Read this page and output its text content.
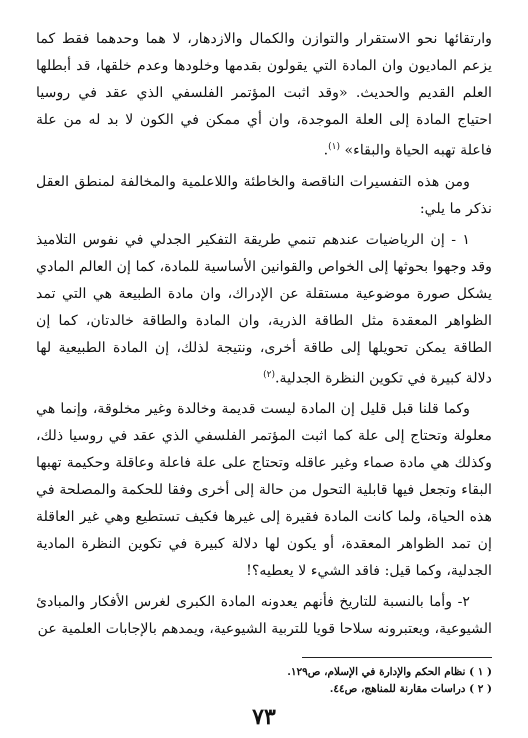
وارتقائها نحو الاستقرار والتوازن والكمال والازدهار، لا هما وحدهما فقط كما يزعم الماديون وان المادة التي يقولون بقدمها وخلودها وعدم خلقها، قد أبطلها العلم القديم والحديث. «وقد اثبت المؤتمر الفلسفي الذي عقد في روسيا احتياج المادة إلى العلة الموجدة، وان أي ممكن في الكون لا بد له من علة فاعلة تهبه الحياة والبقاء» $^{(١)}$.

ومن هذه التفسيرات الناقصة والخاطئة واللاعلمية والمخالفة لمنطق العقل نذكر ما يلي:

١ - إن الرياضيات عندهم تنمي طريقة التفكير الجدلي في نفوس التلاميذ وقد وجهوا بحوثها إلى الخواص والقوانين الأساسية للمادة، كما إن العالم المادي يشكل صورة موضوعية مستقلة عن الإدراك، وان مادة الطبيعة هي التي تمد الظواهر المعقدة مثل الطاقة الذرية، وان المادة والطاقة خالدتان، كما إن الطاقة يمكن تحويلها إلى طاقة أخرى، ونتيجة لذلك، إن المادة الطبيعية لها دلالة كبيرة في تكوين النظرة الجدلية.$^{(٢)}$

وكما قلنا قبل قليل إن المادة ليست قديمة وخالدة وغير مخلوقة، وإنما هي معلولة وتحتاج إلى علة كما اثبت المؤتمر الفلسفي الذي عقد في روسيا ذلك، وكذلك هي مادة صماء وغير عاقله وتحتاج على علة فاعلة وعاقلة وحكيمة تهبها البقاء وتجعل فيها قابلية التحول من حالة إلى أخرى وفقا للحكمة والمصلحة في هذه الحياة، ولما كانت المادة فقيرة إلى غيرها فكيف تستطيع وهي غير العاقلة إن تمد الظواهر المعقدة، أو يكون لها دلالة كبيرة في تكوين النظرة المادية الجدلية، وكما قيل: فاقد الشيء لا يعطيه؟!

٢- وأما بالنسبة للتاريخ فأنهم يعدونه المادة الكبرى لغرس الأفكار والمبادئ الشيوعية، ويعتبرونه سلاحا قويا للتربية الشيوعية، ويمدهم بالإجابات العلمية عن

( ١ ) نظام الحكم والإدارة في الإسلام، ص١٢٩.

( ٢ ) دراسات مقارنة للمناهج، ص٤٤.

٧٣
